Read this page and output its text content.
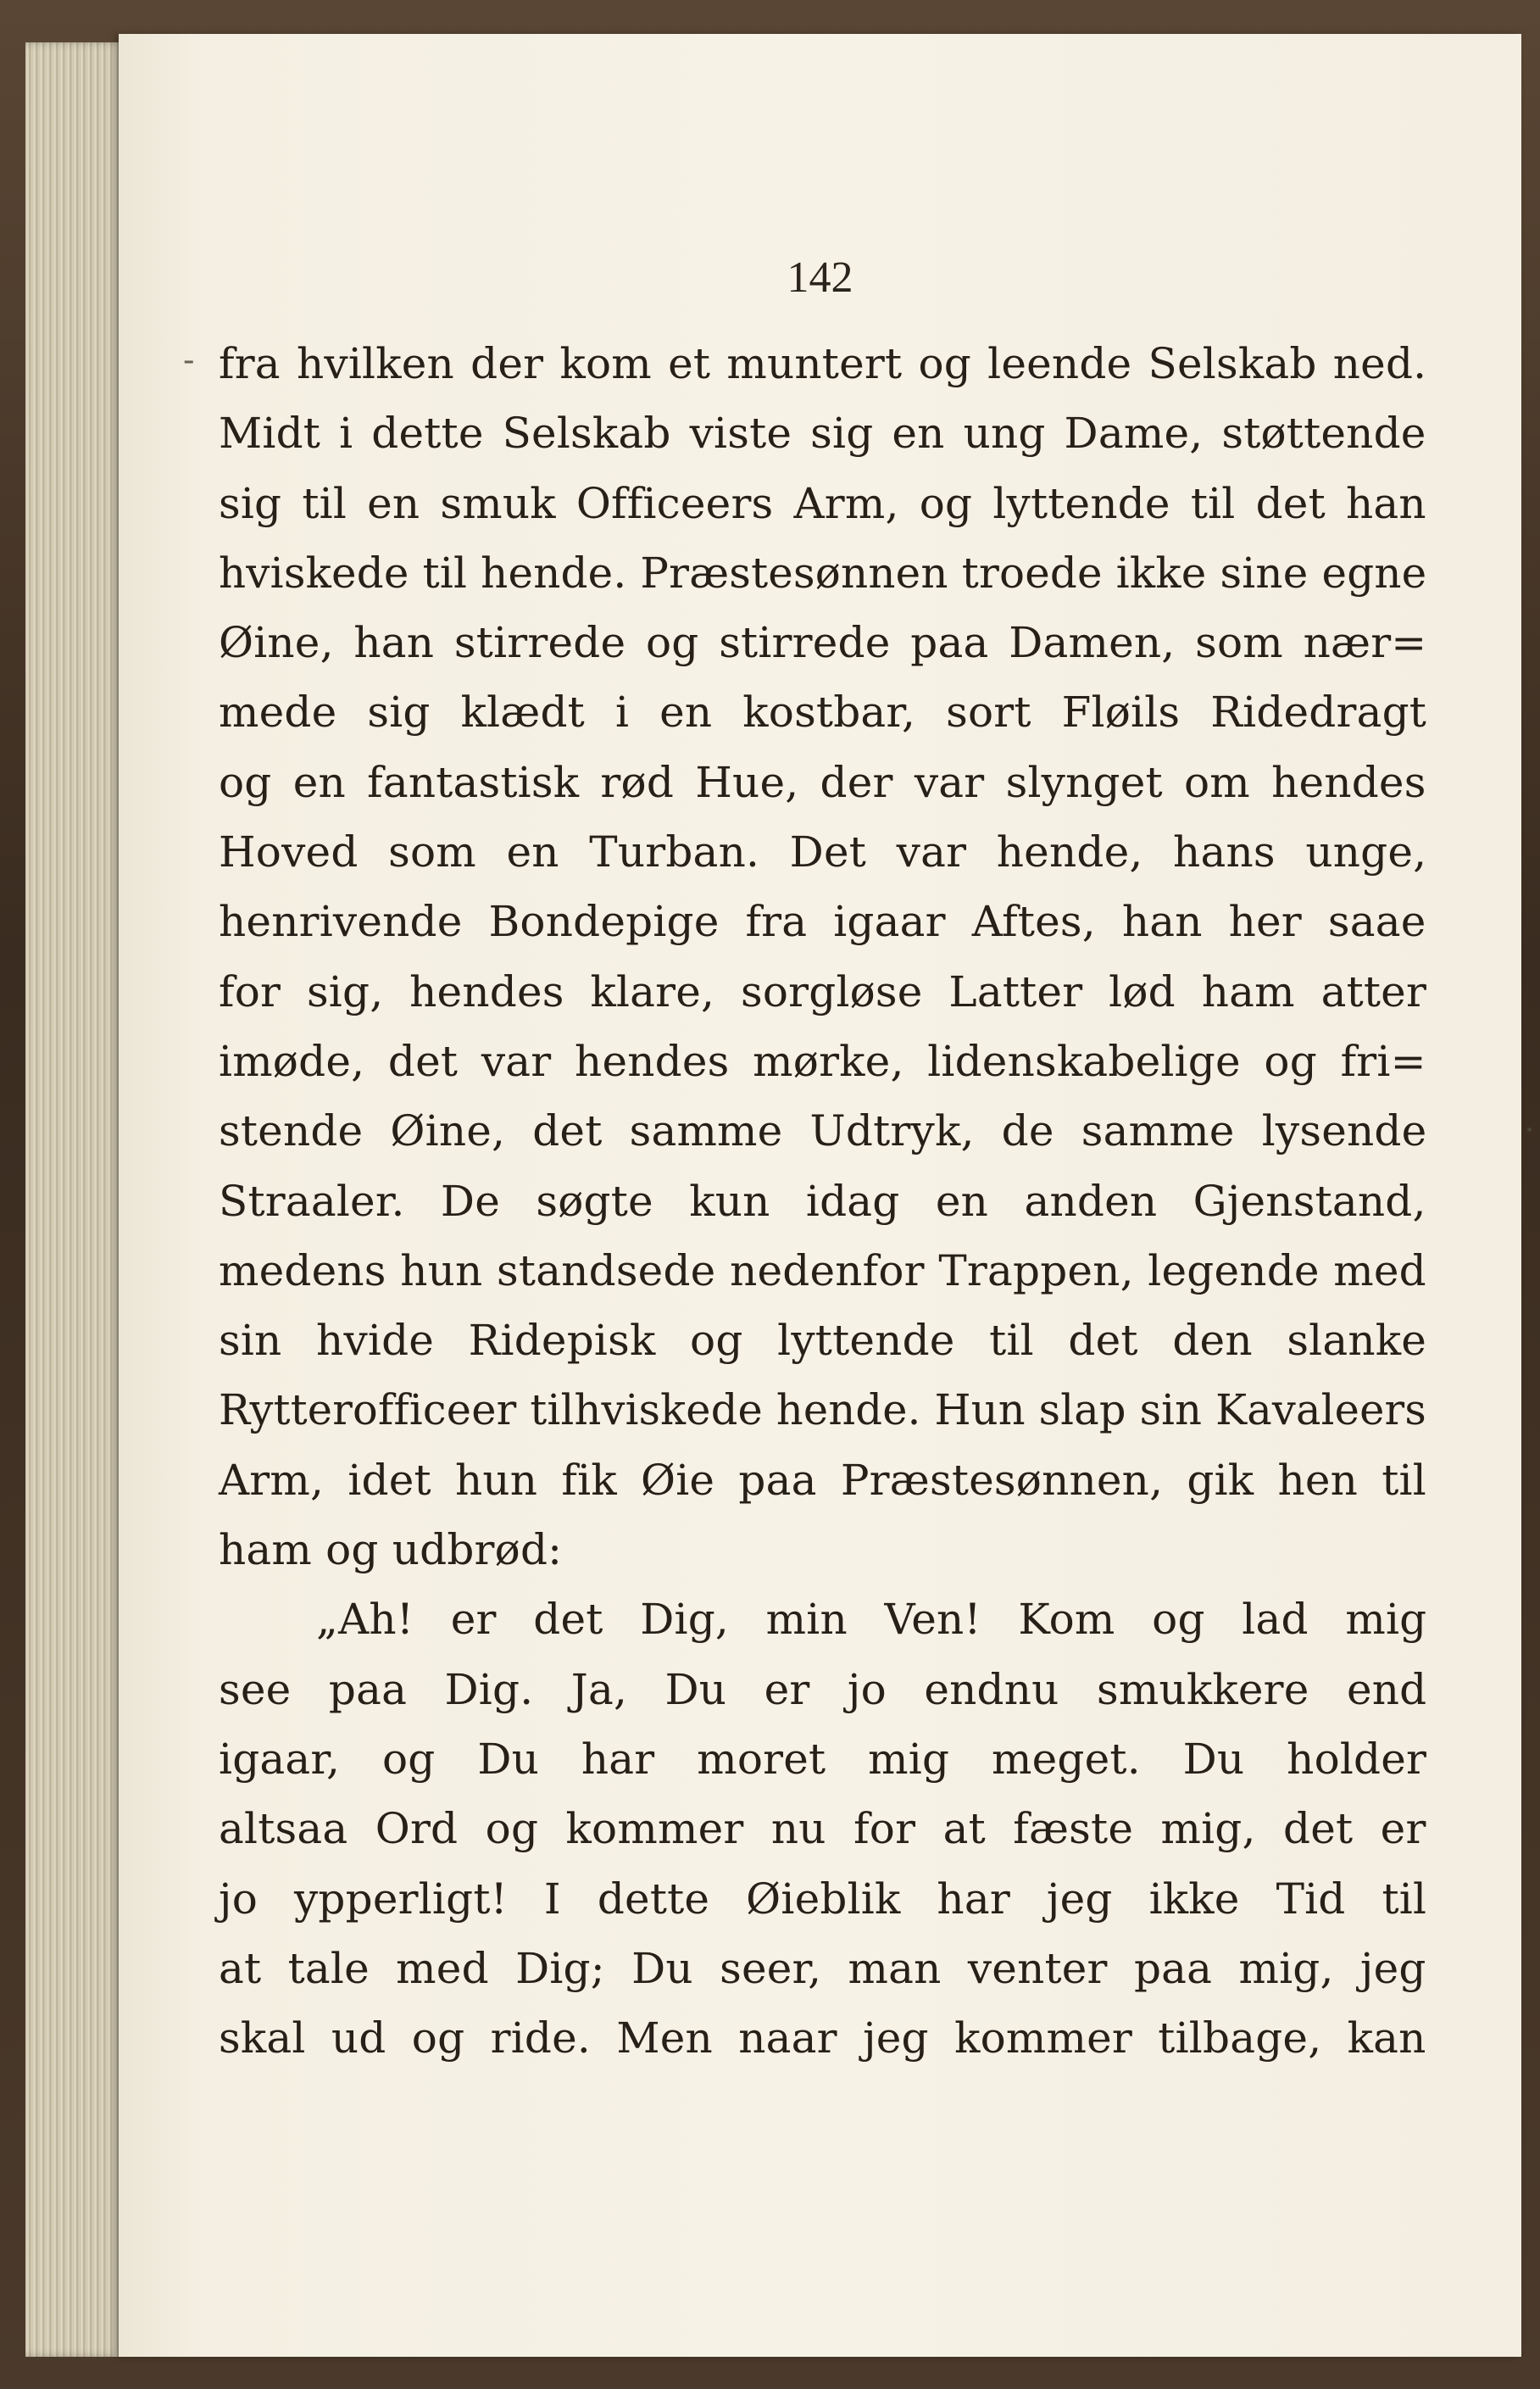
142
- fra hvilken der kom et muntert og leende Selskab ned.
Midt i dette Selskab viste sig en ung Dame, støttende
sig til en smuk Officeers Arm, og lyttende til det han
hviskede til hende. Præstesønnen troede ikke sine egne
Øine, han stirrede og stirrede paa Damen, som nær=
mede sig klædt i en kostbar, sort Fløils Ridedragt
og en fantastisk rød Hue, der var slynget om hendes
Hoved som en Turban. Det var hende, hans unge,
henrivende Bondepige fra igaar Aftes, han her saae
for sig, hendes klare, sorgløse Latter lød ham atter
imøde, det var hendes mørke, lidenskabelige og fri=
stende Øine, det samme Udtryk, de samme lysende
Straaler. De søgte kun idag en anden Gjenstand,
medens hun standsede nedenfor Trappen, legende med
sin hvide Ridepisk og lyttende til det den slanke
Rytterofficeer tilhviskede hende. Hun slap sin Kavaleers
Arm, idet hun fik Øie paa Præstesønnen, gik hen til
ham og udbrød:
„Ah! er det Dig, min Ven! Kom og lad mig
see paa Dig. Ja, Du er jo endnu smukkere end
igaar, og Du har moret mig meget. Du holder
altsaa Ord og kommer nu for at fæste mig, det er
jo ypperligt! I dette Øieblik har jeg ikke Tid til
at tale med Dig; Du seer, man venter paa mig, jeg
skal ud og ride. Men naar jeg kommer tilbage, kan
